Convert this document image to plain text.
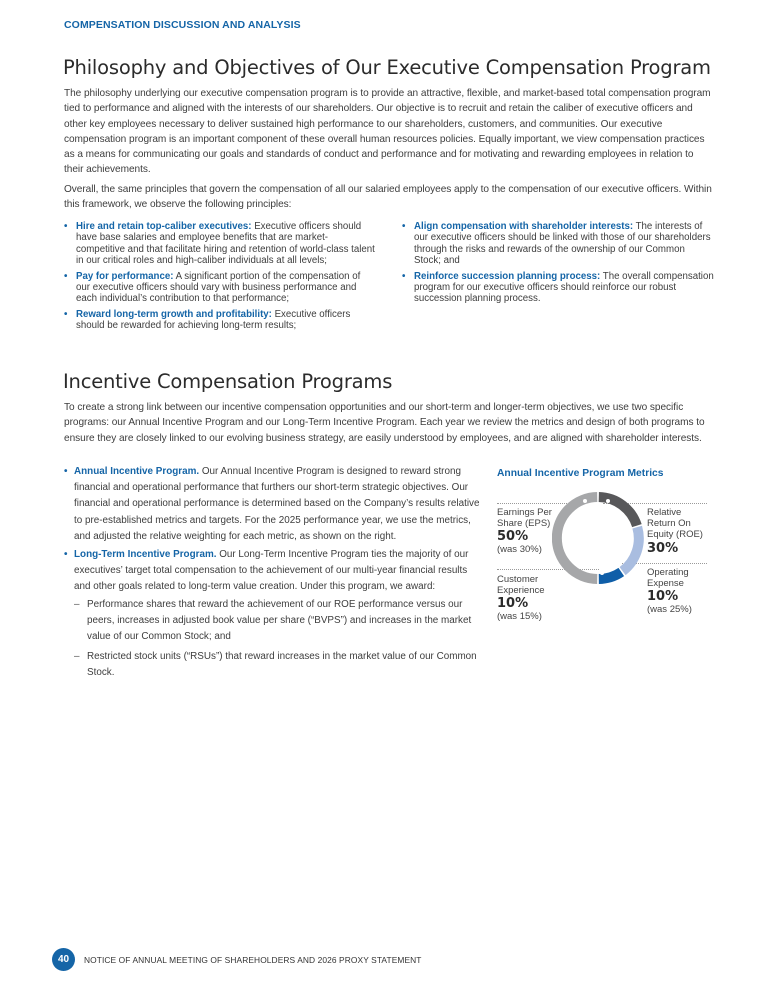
COMPENSATION DISCUSSION AND ANALYSIS
Philosophy and Objectives of Our Executive Compensation Program

The philosophy underlying our executive compensation program is to provide an attractive, flexible, and market-based total compensation program tied to performance and aligned with the interests of our shareholders. Our objective is to recruit and retain the caliber of executive officers and other key employees necessary to deliver sustained high performance to our shareholders, customers, and communities. Our executive compensation program is an important component of these overall human resources policies. Equally important, we view compensation practices as a means for communicating our goals and standards of conduct and performance and for motivating and rewarding employees in relation to their achievements.

Overall, the same principles that govern the compensation of all our salaried employees apply to the compensation of our executive officers. Within this framework, we observe the following principles:

• Hire and retain top-caliber executives: Executive officers should have base salaries and employee benefits that are market-competitive and that facilitate hiring and retention of world-class talent in our critical roles and high-caliber individuals at all levels;
• Pay for performance: A significant portion of the compensation of our executive officers should vary with business performance and each individual’s contribution to that performance;
• Reward long-term growth and profitability: Executive officers should be rewarded for achieving long-term results;
• Align compensation with shareholder interests: The interests of our executive officers should be linked with those of our shareholders through the risks and rewards of the ownership of our Common Stock; and
• Reinforce succession planning process: The overall compensation program for our executive officers should reinforce our robust succession planning process.
Incentive Compensation Programs

To create a strong link between our incentive compensation opportunities and our short-term and longer-term objectives, we use two specific programs: our Annual Incentive Program and our Long-Term Incentive Program. Each year we review the metrics and design of both programs to ensure they are closely linked to our evolving business strategy, are easily understood by employees, and are aligned with shareholder interests.

• Annual Incentive Program. Our Annual Incentive Program is designed to reward strong financial and operational performance that furthers our short-term strategic objectives. Our financial and operational performance is determined based on the Company’s results relative to pre-established metrics and targets. For the 2025 performance year, we use the metrics, and adjusted the relative weighting for each metric, as shown on the right.
• Long-Term Incentive Program. Our Long-Term Incentive Program ties the majority of our executives’ target total compensation to the achievement of our multi-year financial results and other goals related to long-term value creation. Under this program, we award:
– Performance shares that reward the achievement of our ROE performance versus our peers, increases in adjusted book value per share (“BVPS”) and increases in the market value of our Common Stock; and
– Restricted stock units (“RSUs”) that reward increases in the market value of our Common Stock.
Annual Incentive Program Metrics
Earnings Per
Share (EPS)
50%
(was 30%)
Relative
Return On
Equity (ROE)
30%
Customer
Experience
10%
(was 15%)
Operating
Expense
10%
(was 25%)
40	NOTICE OF ANNUAL MEETING OF SHAREHOLDERS AND 2026 PROXY STATEMENT
